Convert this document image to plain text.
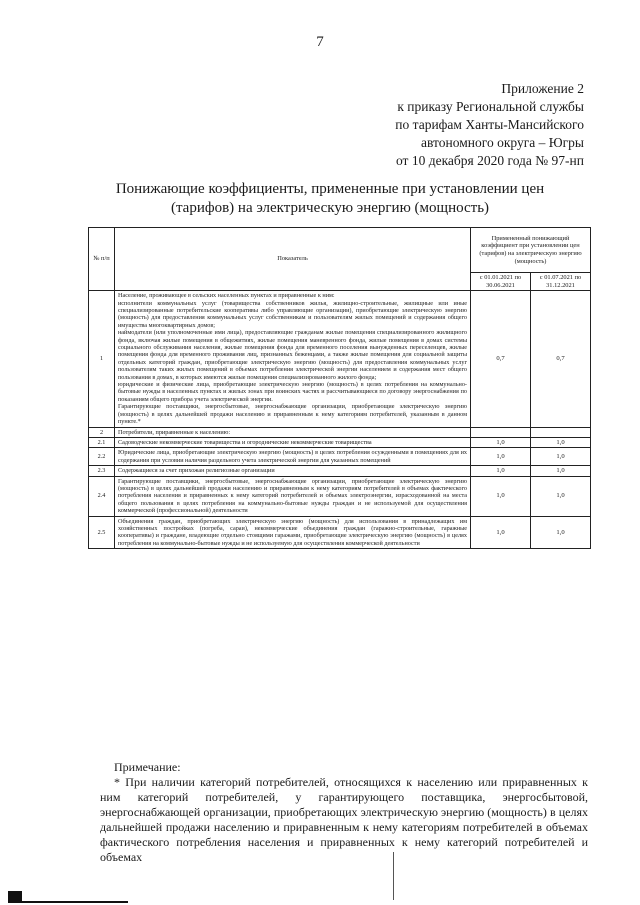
7
Приложение 2
к приказу Региональной службы
по тарифам Ханты-Мансийского
автономного округа – Югры
от 10 декабря 2020 года № 97-нп
Понижающие коэффициенты, примененные при установлении цен
(тарифов) на электрическую энергию (мощность)
№ п/п	Показатель	Примененный понижающий коэффициент при установлении цен (тарифов) на электрическую энергию (мощность)	
		с 01.01.2021 по 30.06.2021	с 01.07.2021 по 31.12.2021
1	Население, проживающее в сельских населенных пунктах и приравненные к ним:

исполнители коммунальных услуг (товарищества собственников жилья, жилищно-строительные, жилищные или иные специализированные потребительские кооперативы либо управляющие организации), приобретающие электрическую энергию (мощность) для предоставления коммунальных услуг собственникам и пользователям жилых помещений и содержания общего имущества многоквартирных домов;

наймодатели (или уполномоченные ими лица), предоставляющие гражданам жилые помещения специализированного жилищного фонда, включая жилые помещения в общежитиях, жилые помещения маневренного фонда, жилые помещения в домах системы социального обслуживания населения, жилые помещения фонда для временного поселения вынужденных переселенцев, жилые помещения фонда для временного проживания лиц, признанных беженцами, а также жилые помещения для социальной защиты отдельных категорий граждан, приобретающие электрическую энергию (мощность) для предоставления коммунальных услуг пользователям таких жилых помещений в объемах потребления электрической энергии населением и содержания мест общего пользования в домах, в которых имеются жилые помещения специализированного жилого фонда;

юридические и физические лица, приобретающие электрическую энергию (мощность) в целях потребления на коммунально-бытовые нужды в населенных пунктах и жилых зонах при воинских частях и рассчитывающиеся по договору энергоснабжения по показаниям общего прибора учета электрической энергии.

Гарантирующие поставщики, энергосбытовые, энергоснабжающие организации, приобретающие электрическую энергию (мощность) в целях дальнейшей продажи населению и приравненным к нему категориям потребителей, указанным в данном пункте.*	0,7	0,7
2	Потребители, приравненные к населению:		
2.1	Садоводческие некоммерческие товарищества и огороднические некоммерческие товарищества	1,0	1,0
2.2	Юридические лица, приобретающие электрическую энергию (мощность) в целях потребления осужденными в помещениях для их содержания при условии наличия раздельного учета электрической энергии для указанных помещений	1,0	1,0
2.3	Содержащиеся за счет прихожан религиозные организации	1,0	1,0
2.4	Гарантирующие поставщики, энергосбытовые, энергоснабжающие организации, приобретающие электрическую энергию (мощность) в целях дальнейшей продажи населению и приравненным к нему категориям потребителей в объемах фактического потребления населения и приравненных к нему категорий потребителей и объемах электроэнергии, израсходованной на места общего пользования в целях потребления на коммунально-бытовые нужды граждан и не используемой для осуществления коммерческой (профессиональной) деятельности	1,0	1,0
2.5	Объединения граждан, приобретающих электрическую энергию (мощность) для использования в принадлежащих им хозяйственных постройках (погреба, сараи), некоммерческие объединения граждан (гаражно-строительные, гаражные кооперативы) и граждане, владеющие отдельно стоящими гаражами, приобретающие электрическую энергию (мощность) в целях потребления на коммунально-бытовые нужды и не используемую для осуществления коммерческой деятельности	1,0	1,0

Примечание:

* При наличии категорий потребителей, относящихся к населению или приравненных к ним категорий потребителей, у гарантирующего поставщика, энергосбытовой, энергоснабжающей организации, приобретающих электрическую энергию (мощность) в целях дальнейшей продажи населению и приравненным к нему категориям потребителей в объемах фактического потребления населения и приравненных к нему категорий потребителей и объемах
